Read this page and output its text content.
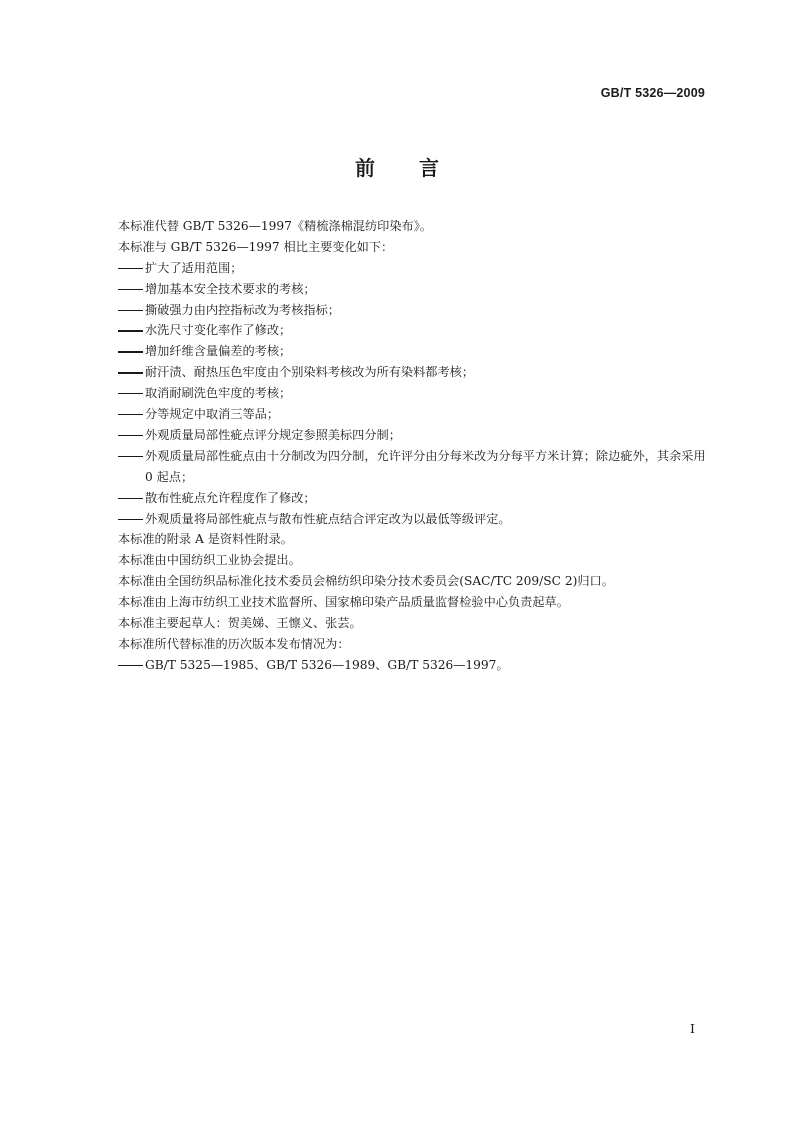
GB/T 5326—2009
前 言

本标准代替 GB/T 5326—1997《精梳涤棉混纺印染布》。

本标准与 GB/T 5326—1997 相比主要变化如下：

扩大了适用范围；
增加基本安全技术要求的考核；
撕破强力由内控指标改为考核指标；
水洗尺寸变化率作了修改；
增加纤维含量偏差的考核；
耐汗渍、耐热压色牢度由个别染料考核改为所有染料都考核；
取消耐刷洗色牢度的考核；
分等规定中取消三等品；
外观质量局部性疵点评分规定参照美标四分制；
外观质量局部性疵点由十分制改为四分制，允许评分由分每米改为分每平方米计算；除边疵外，其余采用 0 起点；
散布性疵点允许程度作了修改；
外观质量将局部性疵点与散布性疵点结合评定改为以最低等级评定。

本标准的附录 A 是资料性附录。

本标准由中国纺织工业协会提出。

本标准由全国纺织品标准化技术委员会棉纺织印染分技术委员会(SAC/TC 209/SC 2)归口。

本标准由上海市纺织工业技术监督所、国家棉印染产品质量监督检验中心负责起草。

本标准主要起草人：贺美娣、王懔义、张芸。

本标准所代替标准的历次版本发布情况为：

GB/T 5325—1985、GB/T 5326—1989、GB/T 5326—1997。
I
